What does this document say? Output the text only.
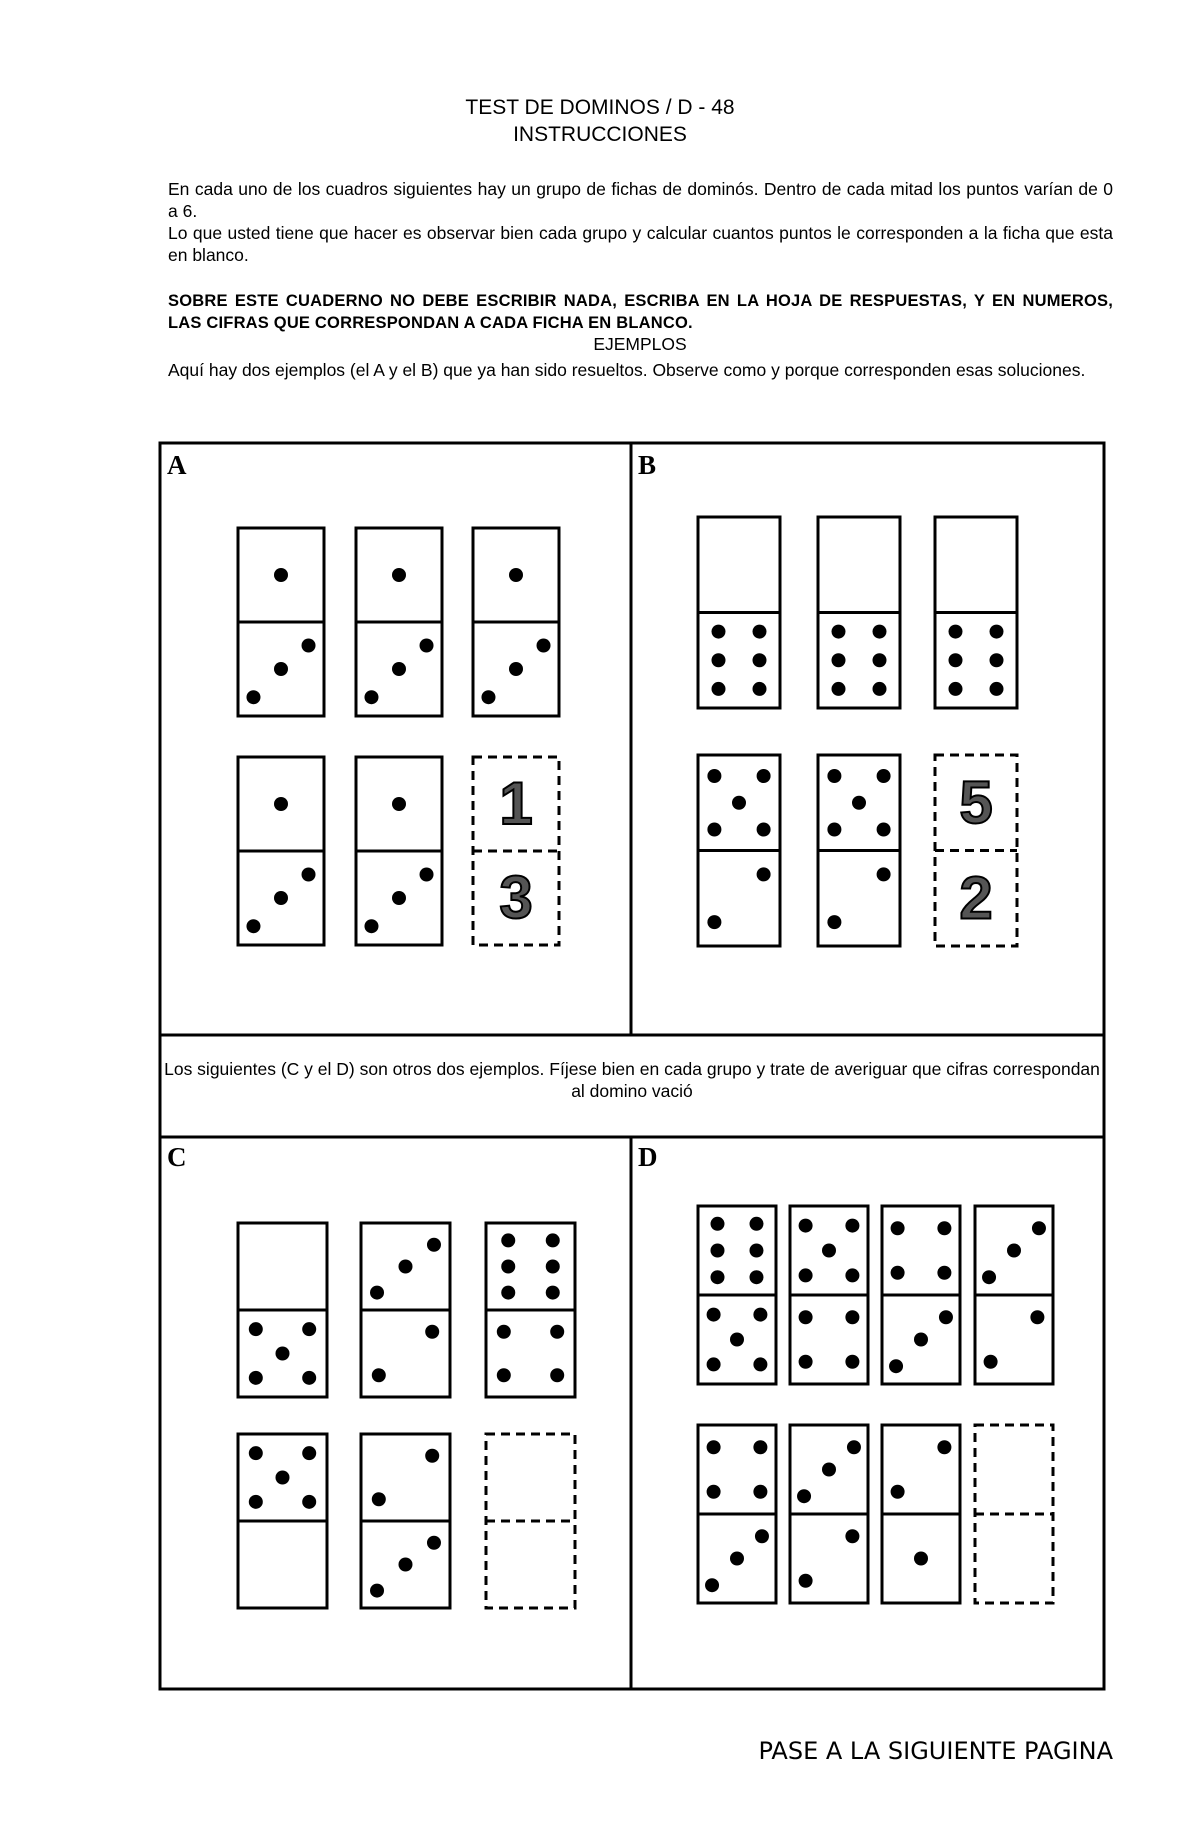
TEST DE DOMINOS / D - 48
INSTRUCCIONES
En cada uno de los cuadros siguientes hay un grupo de fichas de dominós. Dentro de cada mitad los puntos varían de 0 a 6.
Lo que usted tiene que hacer es observar bien cada grupo y calcular cuantos puntos le corresponden a la ficha que esta en blanco.
SOBRE ESTE CUADERNO NO DEBE ESCRIBIR NADA, ESCRIBA EN LA HOJA DE RESPUESTAS, Y EN NUMEROS, LAS CIFRAS QUE CORRESPONDAN A CADA FICHA EN BLANCO.
EJEMPLOS
Aquí hay dos ejemplos (el A y el B) que ya han sido resueltos. Observe como y porque corresponden esas soluciones.
A
1
3
B
5
2
C	D
Los siguientes (C y el D) son otros dos ejemplos. Fíjese bien en cada grupo y trate de averiguar que cifras correspondan al domino vació
PASE A LA SIGUIENTE PAGINA
